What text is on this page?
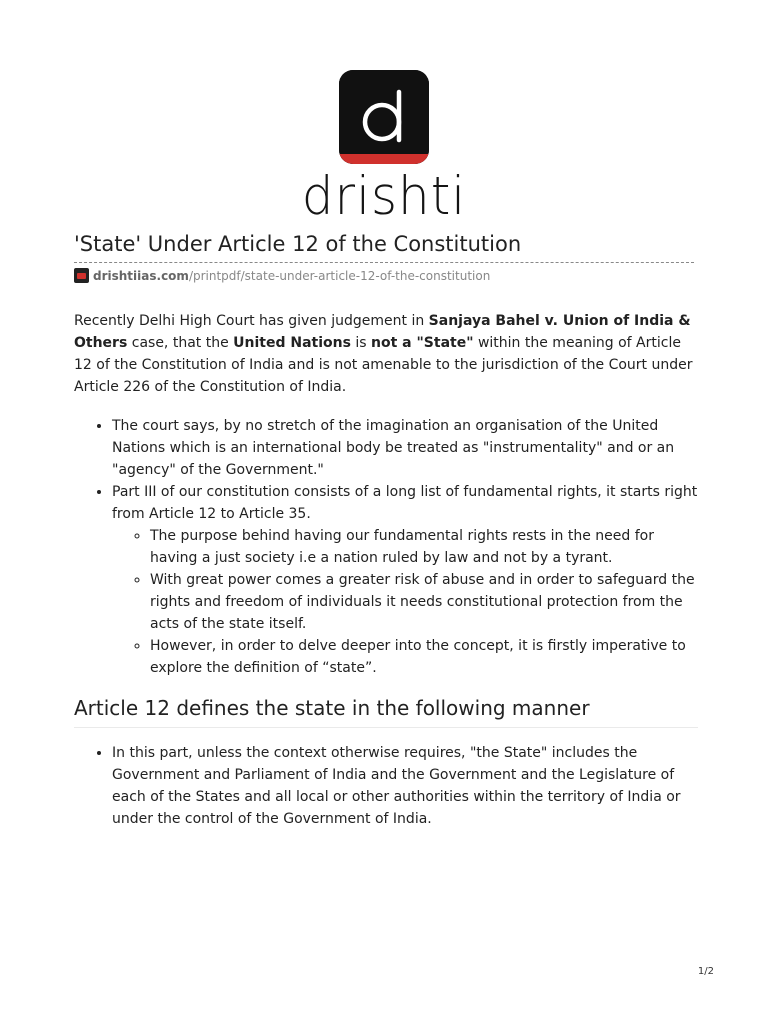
drishti
'State' Under Article 12 of the Constitution
drishtiias.com /printpdf/state-under-article-12-of-the-constitution

Recently Delhi High Court has given judgement in Sanjaya Bahel v. Union of India & Others case, that the United Nations is not a "State" within the meaning of Article 12 of the Constitution of India and is not amenable to the jurisdiction of the Court under Article 226 of the Constitution of India.

• The court says, by no stretch of the imagination an organisation of the United Nations which is an international body be treated as "instrumentality" and or an "agency" of the Government."
• Part III of our constitution consists of a long list of fundamental rights, it starts right from Article 12 to Article 35.
◦ The purpose behind having our fundamental rights rests in the need for having a just society i.e a nation ruled by law and not by a tyrant.
◦ With great power comes a greater risk of abuse and in order to safeguard the rights and freedom of individuals it needs constitutional protection from the acts of the state itself.
◦ However, in order to delve deeper into the concept, it is firstly imperative to explore the definition of “state”.
Article 12 defines the state in the following manner
• In this part, unless the context otherwise requires, "the State" includes the Government and Parliament of India and the Government and the Legislature of each of the States and all local or other authorities within the territory of India or under the control of the Government of India.
1/2
